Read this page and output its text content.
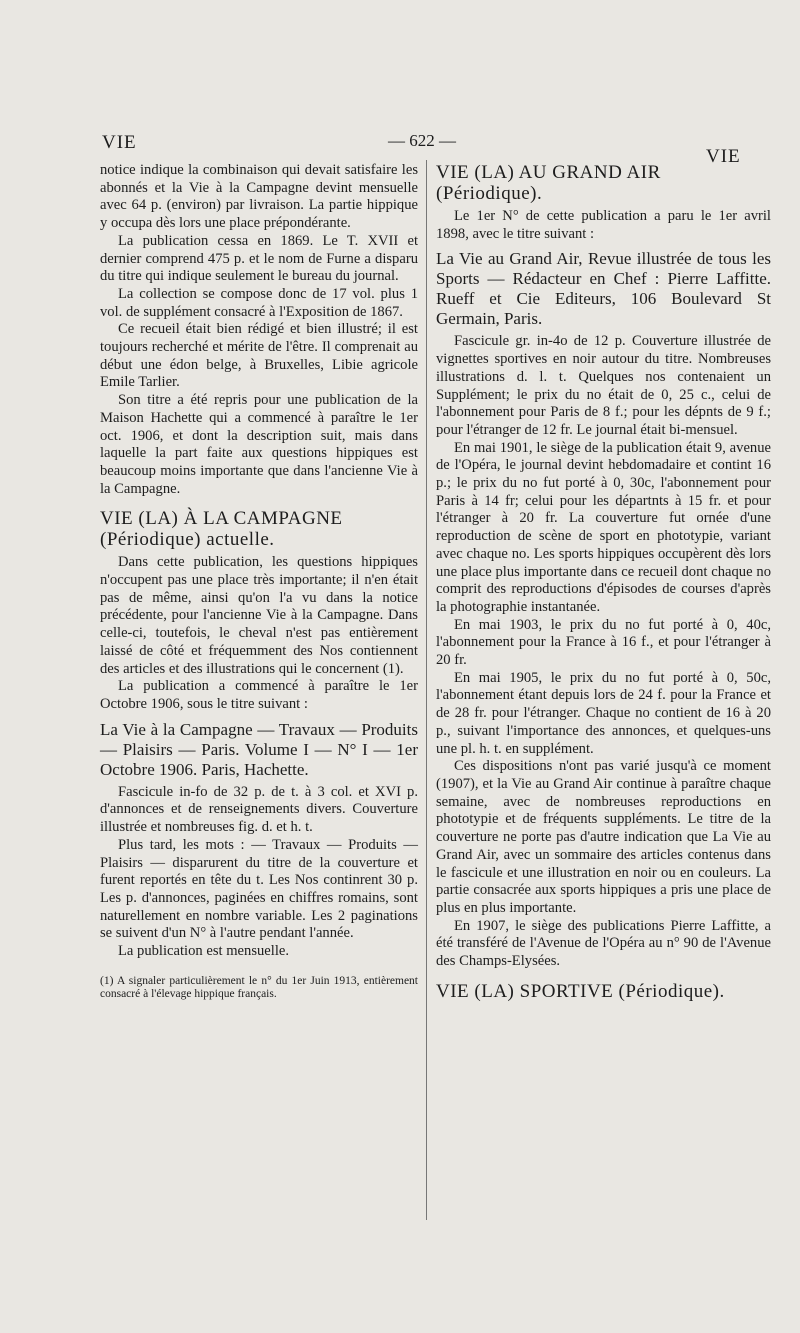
VIE	— 622 —
VIE

notice indique la combinaison qui devait satisfaire les abonnés et la Vie à la Campagne devint mensuelle avec 64 p. (environ) par livraison. La partie hippique y occupa dès lors une place prépondérante.

La publication cessa en 1869. Le T. XVII et dernier comprend 475 p. et le nom de Furne a disparu du titre qui indique seulement le bureau du journal.

La collection se compose donc de 17 vol. plus 1 vol. de supplément consacré à l'Exposition de 1867.

Ce recueil était bien rédigé et bien illustré; il est toujours recherché et mérite de l'être. Il comprenait au début une édon belge, à Bruxelles, Libie agricole Emile Tarlier.

Son titre a été repris pour une publication de la Maison Hachette qui a commencé à paraître le 1er oct. 1906, et dont la description suit, mais dans laquelle la part faite aux questions hippiques est beaucoup moins importante que dans l'ancienne Vie à la Campagne.

VIE (LA) À LA CAMPAGNE (Périodique) actuelle.

Dans cette publication, les questions hippiques n'occupent pas une place très importante; il n'en était pas de même, ainsi qu'on l'a vu dans la notice précédente, pour l'ancienne Vie à la Campagne. Dans celle-ci, toutefois, le cheval n'est pas entièrement laissé de côté et fréquemment des Nos contiennent des articles et des illustrations qui le concernent (1).

La publication a commencé à paraître le 1er Octobre 1906, sous le titre suivant :

La Vie à la Campagne — Travaux — Produits — Plaisirs — Paris. Volume I — N° I — 1er Octobre 1906. Paris, Hachette.

Fascicule in-fo de 32 p. de t. à 3 col. et XVI p. d'annonces et de renseignements divers. Couverture illustrée et nombreuses fig. d. et h. t.

Plus tard, les mots : — Travaux — Produits — Plaisirs — disparurent du titre de la couverture et furent reportés en tête du t. Les Nos continrent 30 p. Les p. d'annonces, paginées en chiffres romains, sont naturellement en nombre variable. Les 2 paginations se suivent d'un N° à l'autre pendant l'année.

La publication est mensuelle.

(1) A signaler particulièrement le n° du 1er Juin 1913, entièrement consacré à l'élevage hippique français.
VIE (LA) AU GRAND AIR (Périodique).

Le 1er N° de cette publication a paru le 1er avril 1898, avec le titre suivant :

La Vie au Grand Air, Revue illustrée de tous les Sports — Rédacteur en Chef : Pierre Laffitte. Rueff et Cie Editeurs, 106 Boulevard St Germain, Paris.

Fascicule gr. in-4o de 12 p. Couverture illustrée de vignettes sportives en noir autour du titre. Nombreuses illustrations d. l. t. Quelques nos contenaient un Supplément; le prix du no était de 0, 25 c., celui de l'abonnement pour Paris de 8 f.; pour les dépnts de 9 f.; pour l'étranger de 12 fr. Le journal était bi-mensuel.

En mai 1901, le siège de la publication était 9, avenue de l'Opéra, le journal devint hebdomadaire et contint 16 p.; le prix du no fut porté à 0, 30c, l'abonnement pour Paris à 14 fr; celui pour les départnts à 15 fr. et pour l'étranger à 20 fr. La couverture fut ornée d'une reproduction de scène de sport en phototypie, variant avec chaque no. Les sports hippiques occupèrent dès lors une place plus importante dans ce recueil dont chaque no comprit des reproductions d'épisodes de courses d'après la photographie instantanée.

En mai 1903, le prix du no fut porté à 0, 40c, l'abonnement pour la France à 16 f., et pour l'étranger à 20 fr.

En mai 1905, le prix du no fut porté à 0, 50c, l'abonnement étant depuis lors de 24 f. pour la France et de 28 fr. pour l'étranger. Chaque no contient de 16 à 20 p., suivant l'importance des annonces, et quelques-uns une pl. h. t. en supplément.

Ces dispositions n'ont pas varié jusqu'à ce moment (1907), et la Vie au Grand Air continue à paraître chaque semaine, avec de nombreuses reproductions en phototypie et de fréquents suppléments. Le titre de la couverture ne porte pas d'autre indication que La Vie au Grand Air, avec un sommaire des articles contenus dans le fascicule et une illustration en noir ou en couleurs. La partie consacrée aux sports hippiques a pris une place de plus en plus importante.

En 1907, le siège des publications Pierre Laffitte, a été transféré de l'Avenue de l'Opéra au n° 90 de l'Avenue des Champs-Elysées.

VIE (LA) SPORTIVE (Périodique).
